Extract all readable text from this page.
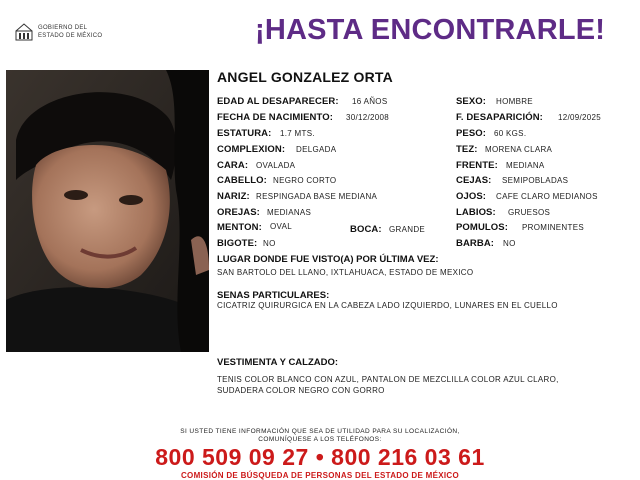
GOBIERNO DEL
ESTADO DE MÉXICO	¡HASTA ENCONTRARLE!
ANGEL GONZALEZ ORTA
EDAD AL DESAPARECER: 16 AÑOS
FECHA DE NACIMIENTO: 30/12/2008
ESTATURA: 1.7 MTS.
COMPLEXION: DELGADA
CARA: OVALADA
CABELLO: NEGRO CORTO
NARIZ: RESPINGADA BASE MEDIANA
OREJAS: MEDIANAS
MENTON: OVAL	BOCA: GRANDE
BIGOTE: NO
SEXO: HOMBRE
F. DESAPARICIÓN: 12/09/2025
PESO: 60 KGS.
TEZ: MORENA CLARA
FRENTE: MEDIANA
CEJAS: SEMIPOBLADAS
OJOS: CAFE CLARO MEDIANOS
LABIOS: GRUESOS
POMULOS: PROMINENTES
BARBA: NO
LUGAR DONDE FUE VISTO(A) POR ÚLTIMA VEZ:
SAN BARTOLO DEL LLANO, IXTLAHUACA, ESTADO DE MEXICO
SENAS PARTICULARES:
CICATRIZ QUIRURGICA EN LA CABEZA LADO IZQUIERDO, LUNARES EN EL CUELLO
VESTIMENTA Y CALZADO:
TENIS COLOR BLANCO CON AZUL, PANTALON DE MEZCLILLA COLOR AZUL CLARO,
SUDADERA COLOR NEGRO CON GORRO
SI USTED TIENE INFORMACIÓN QUE SEA DE UTILIDAD PARA SU LOCALIZACIÓN,
COMUNÍQUESE A LOS TELÉFONOS:
800 509 09 27 • 800 216 03 61
COMISIÓN DE BÚSQUEDA DE PERSONAS DEL ESTADO DE MÉXICO
